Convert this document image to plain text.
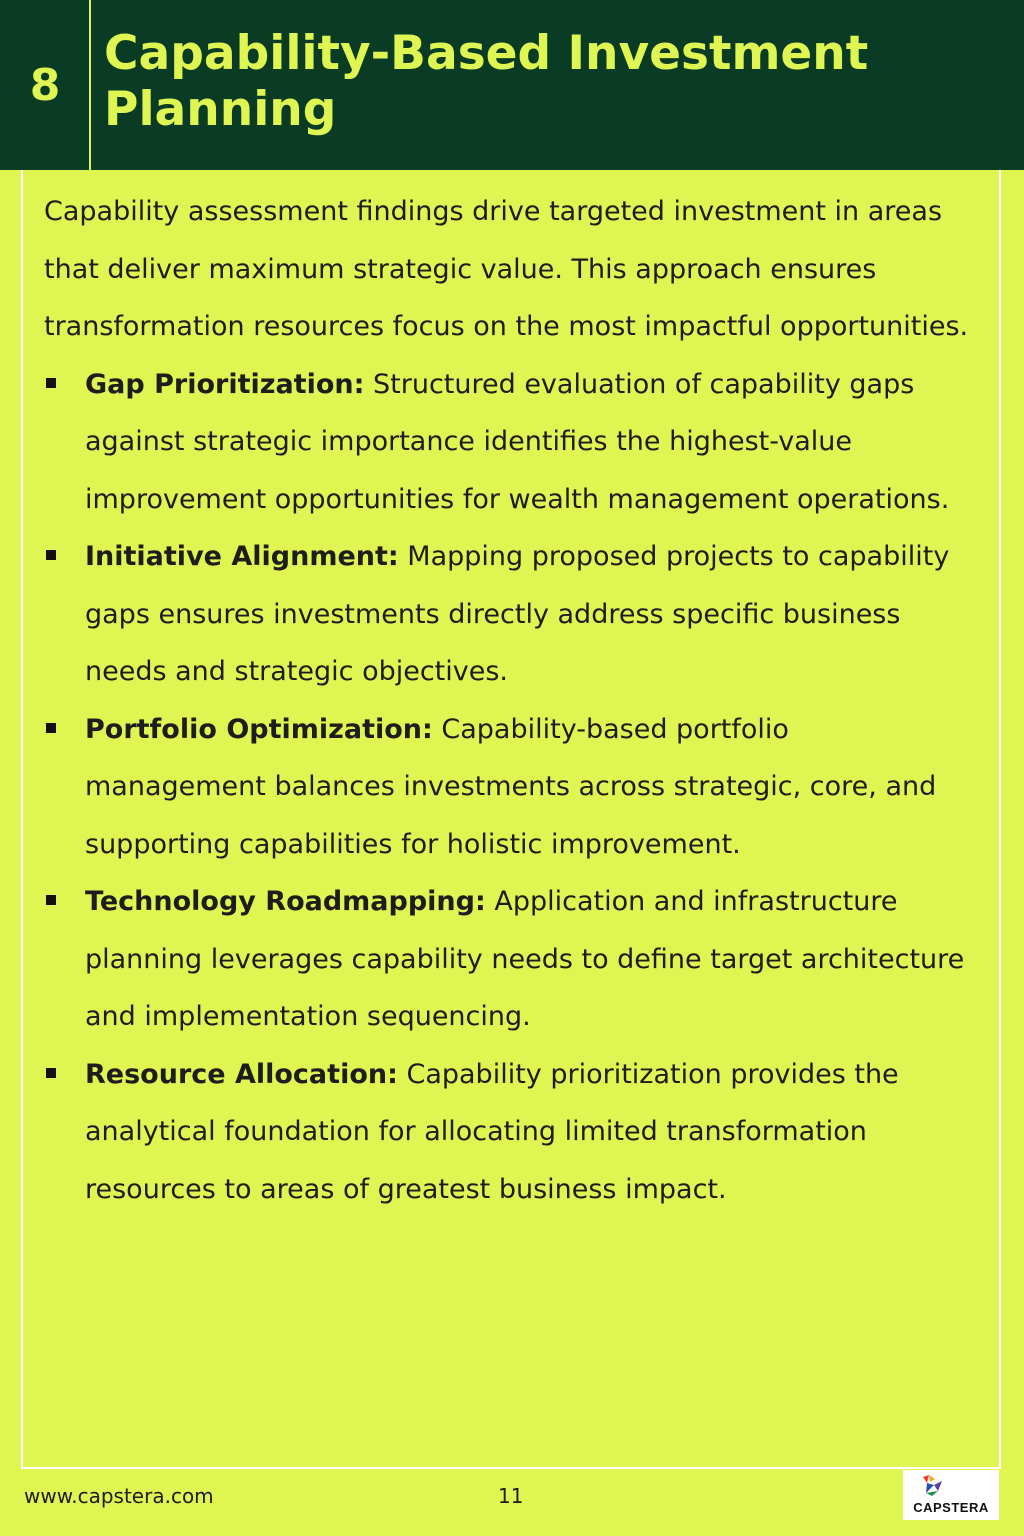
8
Capability-Based Investment Planning

Capability assessment findings drive targeted investment in areas that deliver maximum strategic value. This approach ensures transformation resources focus on the most impactful opportunities.

Gap Prioritization: Structured evaluation of capability gaps against strategic importance identifies the highest-value improvement opportunities for wealth management operations.
Initiative Alignment: Mapping proposed projects to capability gaps ensures investments directly address specific business needs and strategic objectives.
Portfolio Optimization: Capability-based portfolio management balances investments across strategic, core, and supporting capabilities for holistic improvement.
Technology Roadmapping: Application and infrastructure planning leverages capability needs to define target architecture and implementation sequencing.
Resource Allocation: Capability prioritization provides the analytical foundation for allocating limited transformation resources to areas of greatest business impact.
www.capstera.com	11	CAPSTERA
